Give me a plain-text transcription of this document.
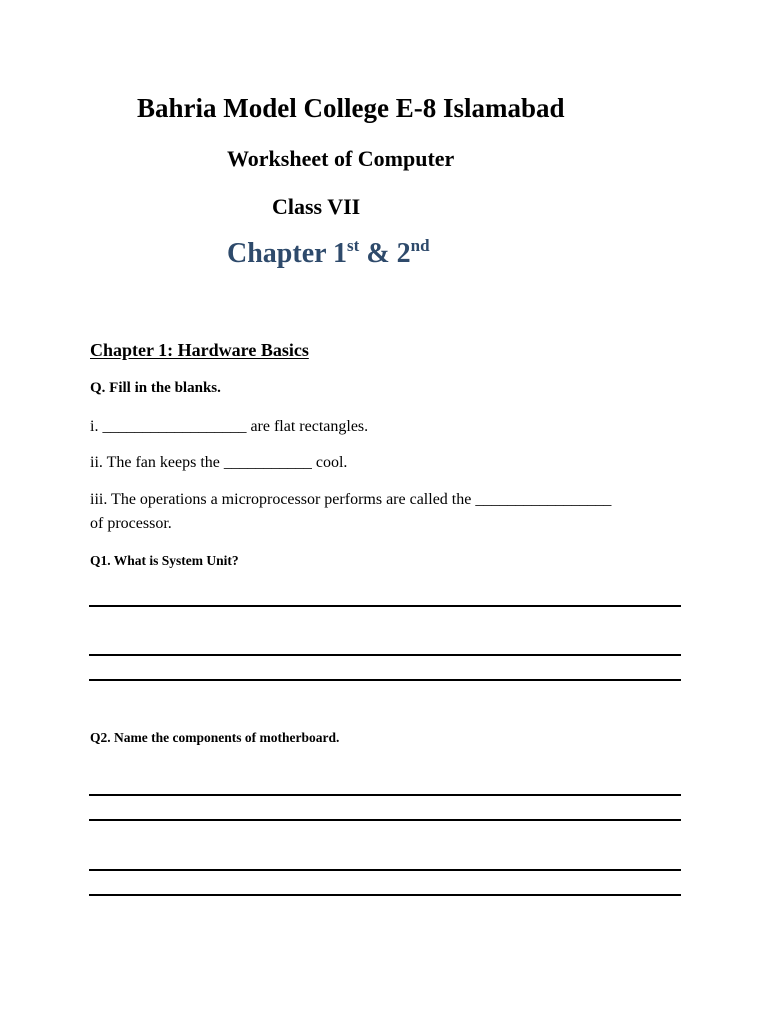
Bahria Model College E-8 Islamabad
Worksheet of Computer
Class VII
Chapter 1st & 2nd
Chapter 1: Hardware Basics
Q. Fill in the blanks.
i. __________________ are flat rectangles.
ii. The fan keeps the ___________ cool.
iii. The operations a microprocessor performs are called the _________________
of processor.
Q1. What is System Unit?
Q2. Name the components of motherboard.
